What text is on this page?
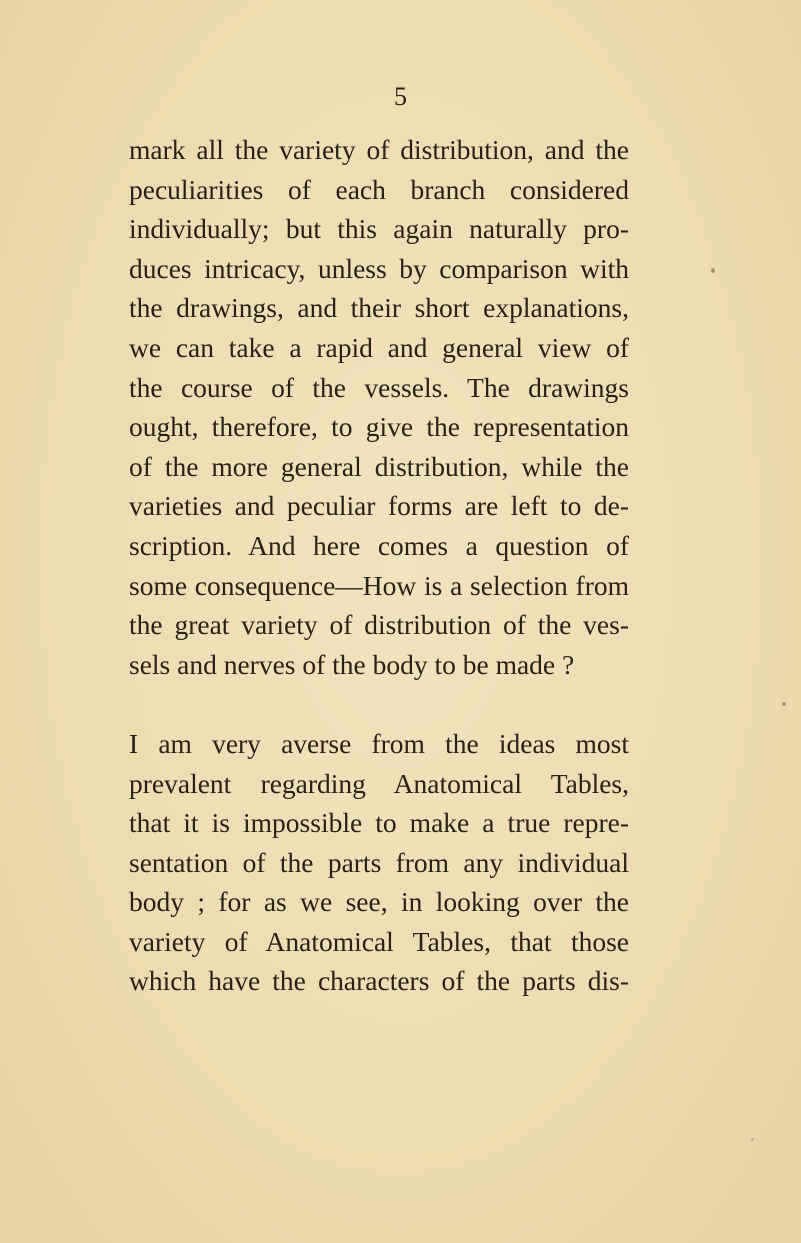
5
mark all the variety of distribution, and the
peculiarities of each branch considered
individually; but this again naturally pro-
duces intricacy, unless by comparison with
the drawings, and their short explanations,
we can take a rapid and general view of
the course of the vessels. The drawings
ought, therefore, to give the representation
of the more general distribution, while the
varieties and peculiar forms are left to de-
scription. And here comes a question of
some consequence—How is a selection from
the great variety of distribution of the ves-
sels and nerves of the body to be made ?
I am very averse from the ideas most
prevalent regarding Anatomical Tables,
that it is impossible to make a true repre-
sentation of the parts from any individual
body ; for as we see, in looking over the
variety of Anatomical Tables, that those
which have the characters of the parts dis-
